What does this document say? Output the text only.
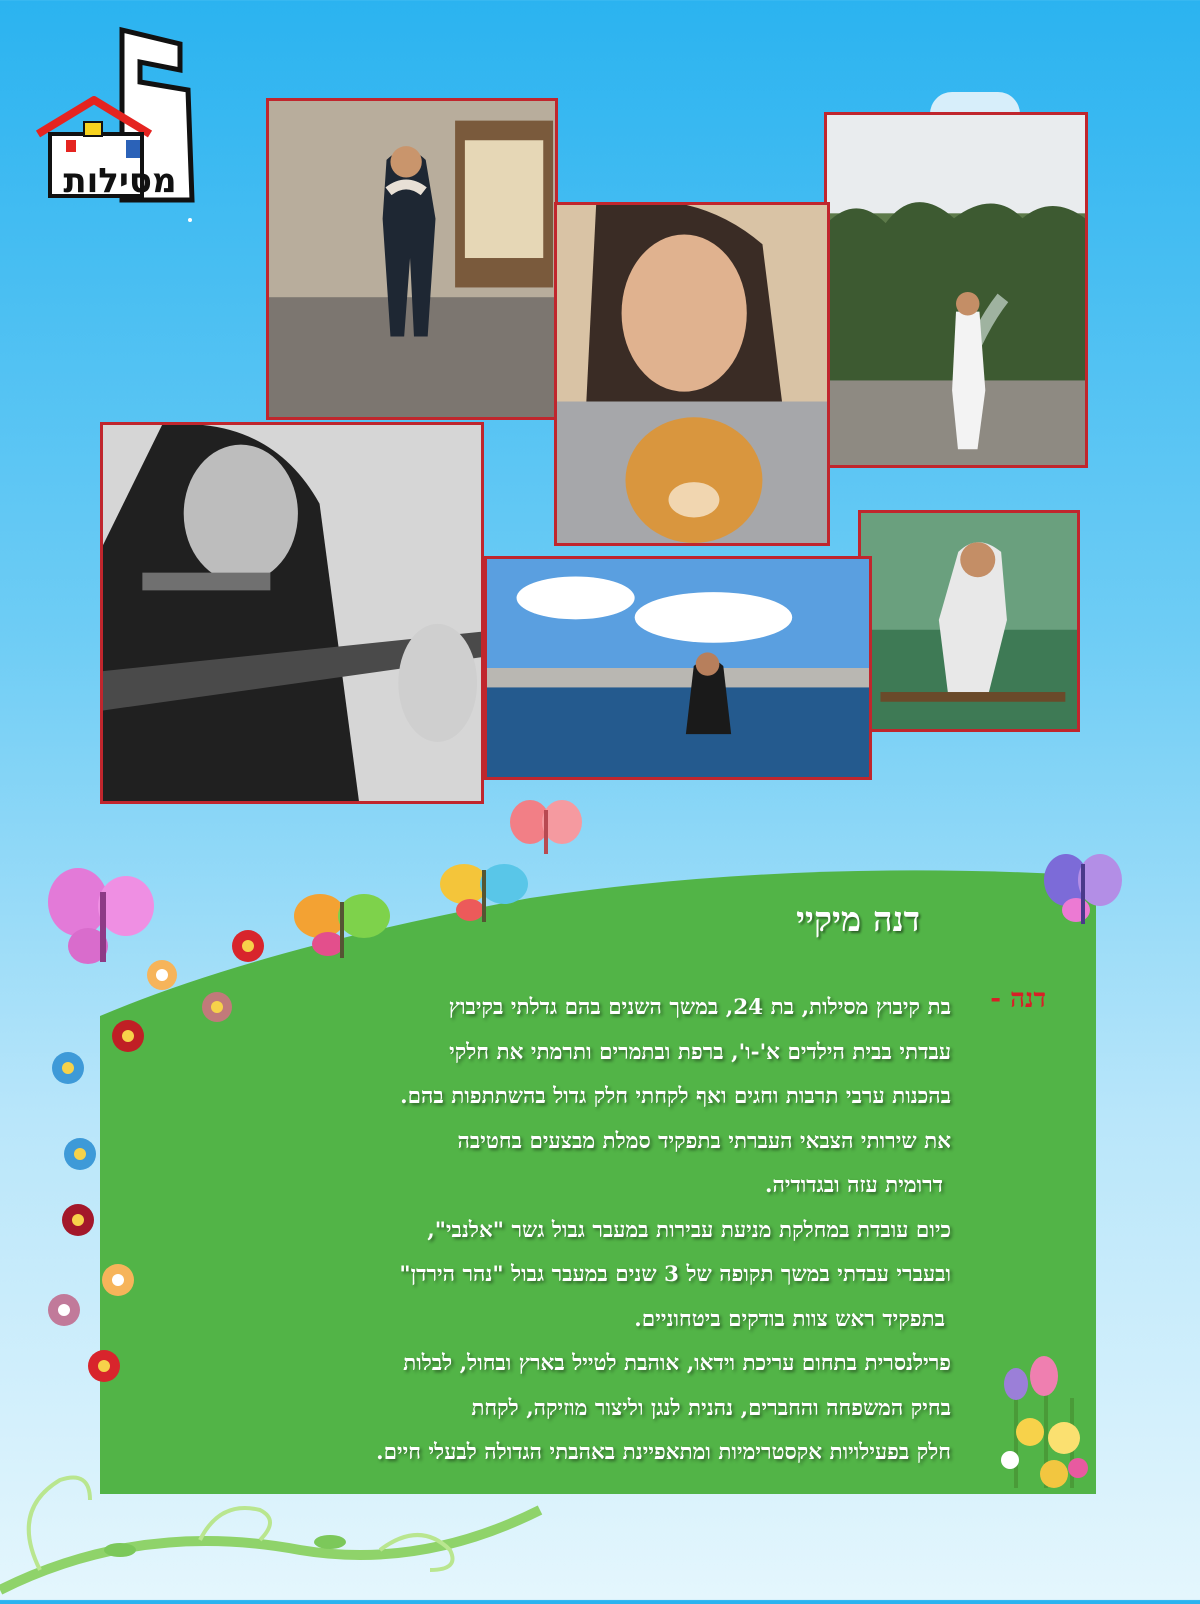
מסילות
דנה מיקיי
דנה -
בת קיבוץ מסילות, בת 24, במשך השנים בהם גדלתי בקיבוץ
עבדתי בבית הילדים א'-ו', ברפת ובתמרים ותרמתי את חלקי
בהכנות ערבי תרבות וחגים ואף לקחתי חלק גדול בהשתתפות בהם.
את שירותי הצבאי העברתי בתפקיד סמלת מבצעים בחטיבה
דרומית עזה ובגדודיה.
כיום עובדת במחלקת מניעת עבירות במעבר גבול גשר "אלנבי",
ובעברי עבדתי במשך תקופה של 3 שנים במעבר גבול "נהר הירדן"
בתפקיד ראש צוות בודקים ביטחוניים.
פרילנסרית בתחום עריכת וידאו, אוהבת לטייל בארץ ובחול, לבלות
בחיק המשפחה והחברים, נהנית לנגן וליצור מוזיקה, לקחת
חלק בפעילויות אקסטרימיות ומתאפיינת באהבתי הגדולה לבעלי חיים.
